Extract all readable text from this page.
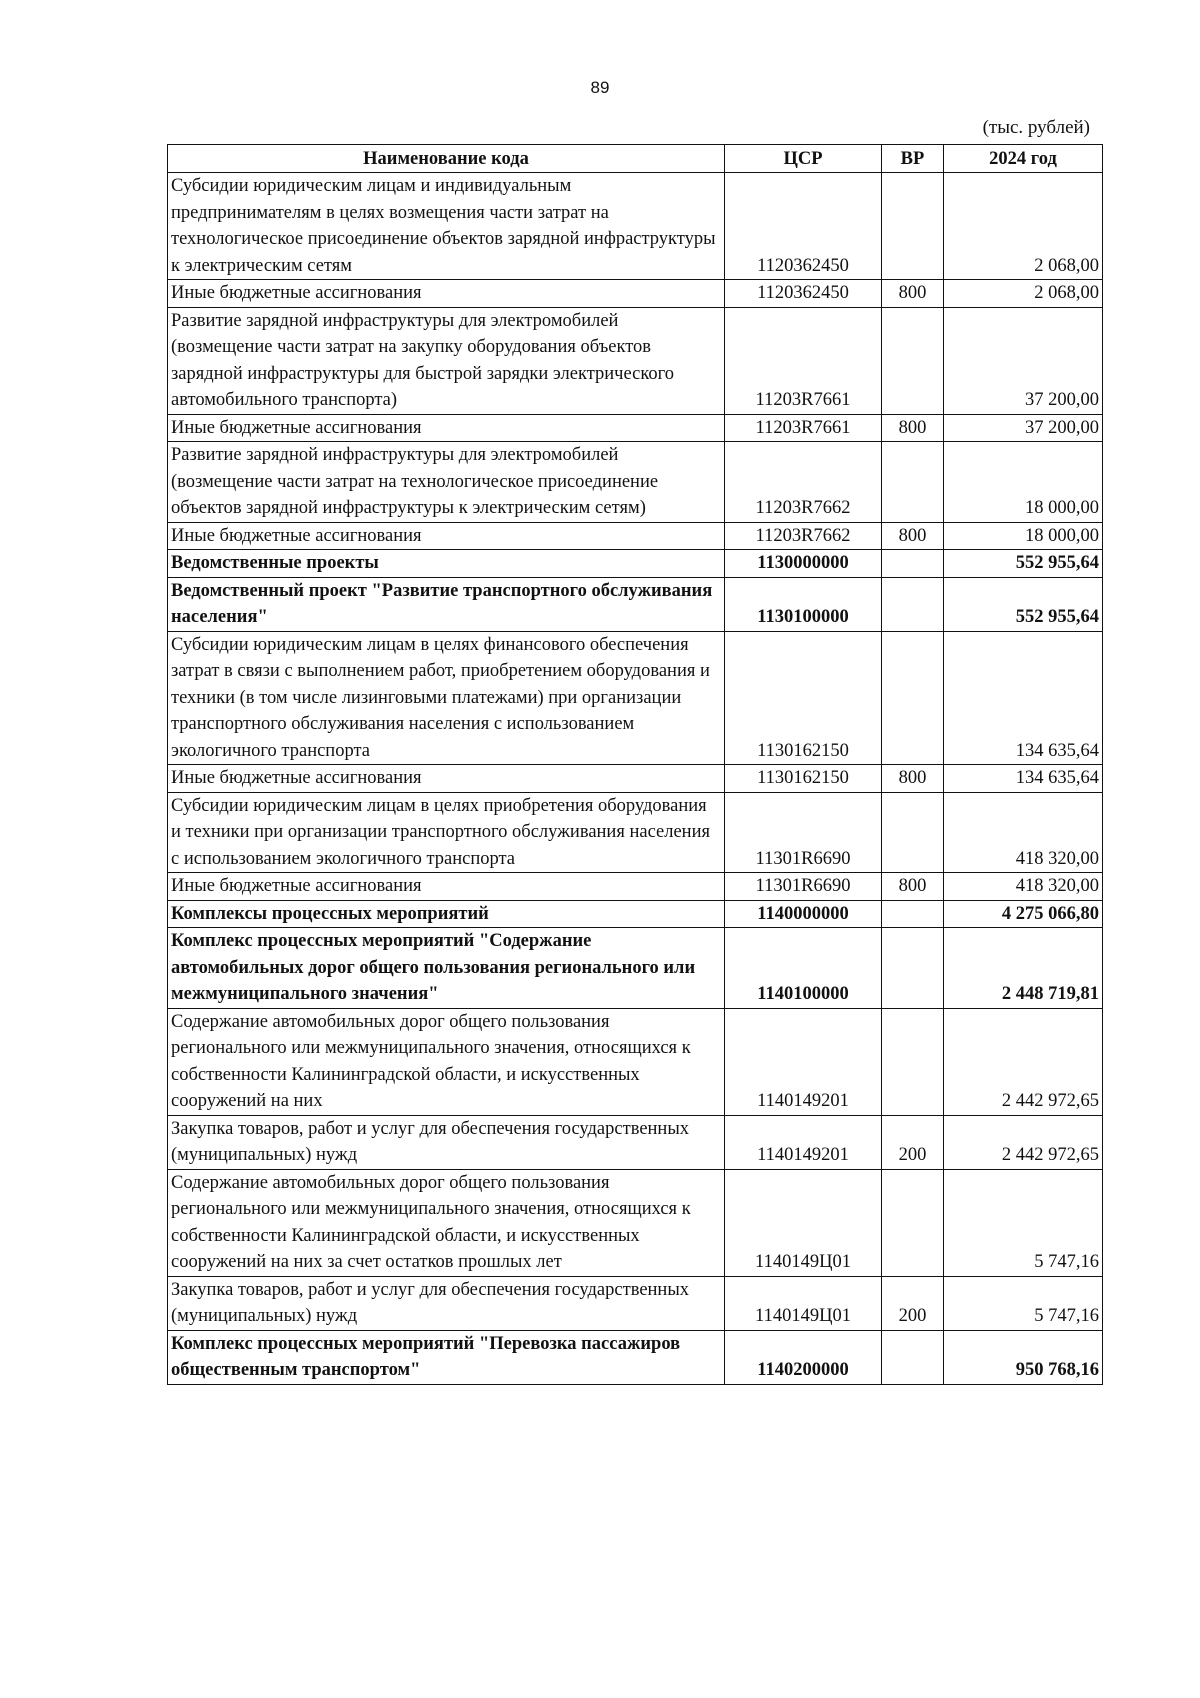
89
(тыс. рублей)
Наименование кода	ЦСР	ВР	2024 год
Субсидии юридическим лицам и индивидуальным предпринимателям в целях возмещения части затрат на технологическое присоединение объектов зарядной инфраструктуры к электрическим сетям	1120362450		2 068,00
Иные бюджетные ассигнования	1120362450	800	2 068,00
Развитие зарядной инфраструктуры для электромобилей (возмещение части затрат на закупку оборудования объектов зарядной инфраструктуры для быстрой зарядки электрического автомобильного транспорта)	11203R7661		37 200,00
Иные бюджетные ассигнования	11203R7661	800	37 200,00
Развитие зарядной инфраструктуры для электромобилей (возмещение части затрат на технологическое присоединение объектов зарядной инфраструктуры к электрическим сетям)	11203R7662		18 000,00
Иные бюджетные ассигнования	11203R7662	800	18 000,00
Ведомственные проекты	1130000000		552 955,64
Ведомственный проект "Развитие транспортного обслуживания населения"	1130100000		552 955,64
Субсидии юридическим лицам в целях финансового обеспечения затрат в связи с выполнением работ, приобретением оборудования и техники (в том числе лизинговыми платежами) при организации транспортного обслуживания населения с использованием экологичного транспорта	1130162150		134 635,64
Иные бюджетные ассигнования	1130162150	800	134 635,64
Субсидии юридическим лицам в целях приобретения оборудования и техники при организации транспортного обслуживания населения с использованием экологичного транспорта	11301R6690		418 320,00
Иные бюджетные ассигнования	11301R6690	800	418 320,00
Комплексы процессных мероприятий	1140000000		4 275 066,80
Комплекс процессных мероприятий "Содержание автомобильных дорог общего пользования регионального или межмуниципального значения"	1140100000		2 448 719,81
Содержание автомобильных дорог общего пользования регионального или межмуниципального значения, относящихся к собственности Калининградской области, и искусственных сооружений на них	1140149201		2 442 972,65
Закупка товаров, работ и услуг для обеспечения государственных (муниципальных) нужд	1140149201	200	2 442 972,65
Содержание автомобильных дорог общего пользования регионального или межмуниципального значения, относящихся к собственности Калининградской области, и искусственных сооружений на них за счет остатков прошлых лет	1140149Ц01		5 747,16
Закупка товаров, работ и услуг для обеспечения государственных (муниципальных) нужд	1140149Ц01	200	5 747,16
Комплекс процессных мероприятий "Перевозка пассажиров общественным транспортом"	1140200000		950 768,16
